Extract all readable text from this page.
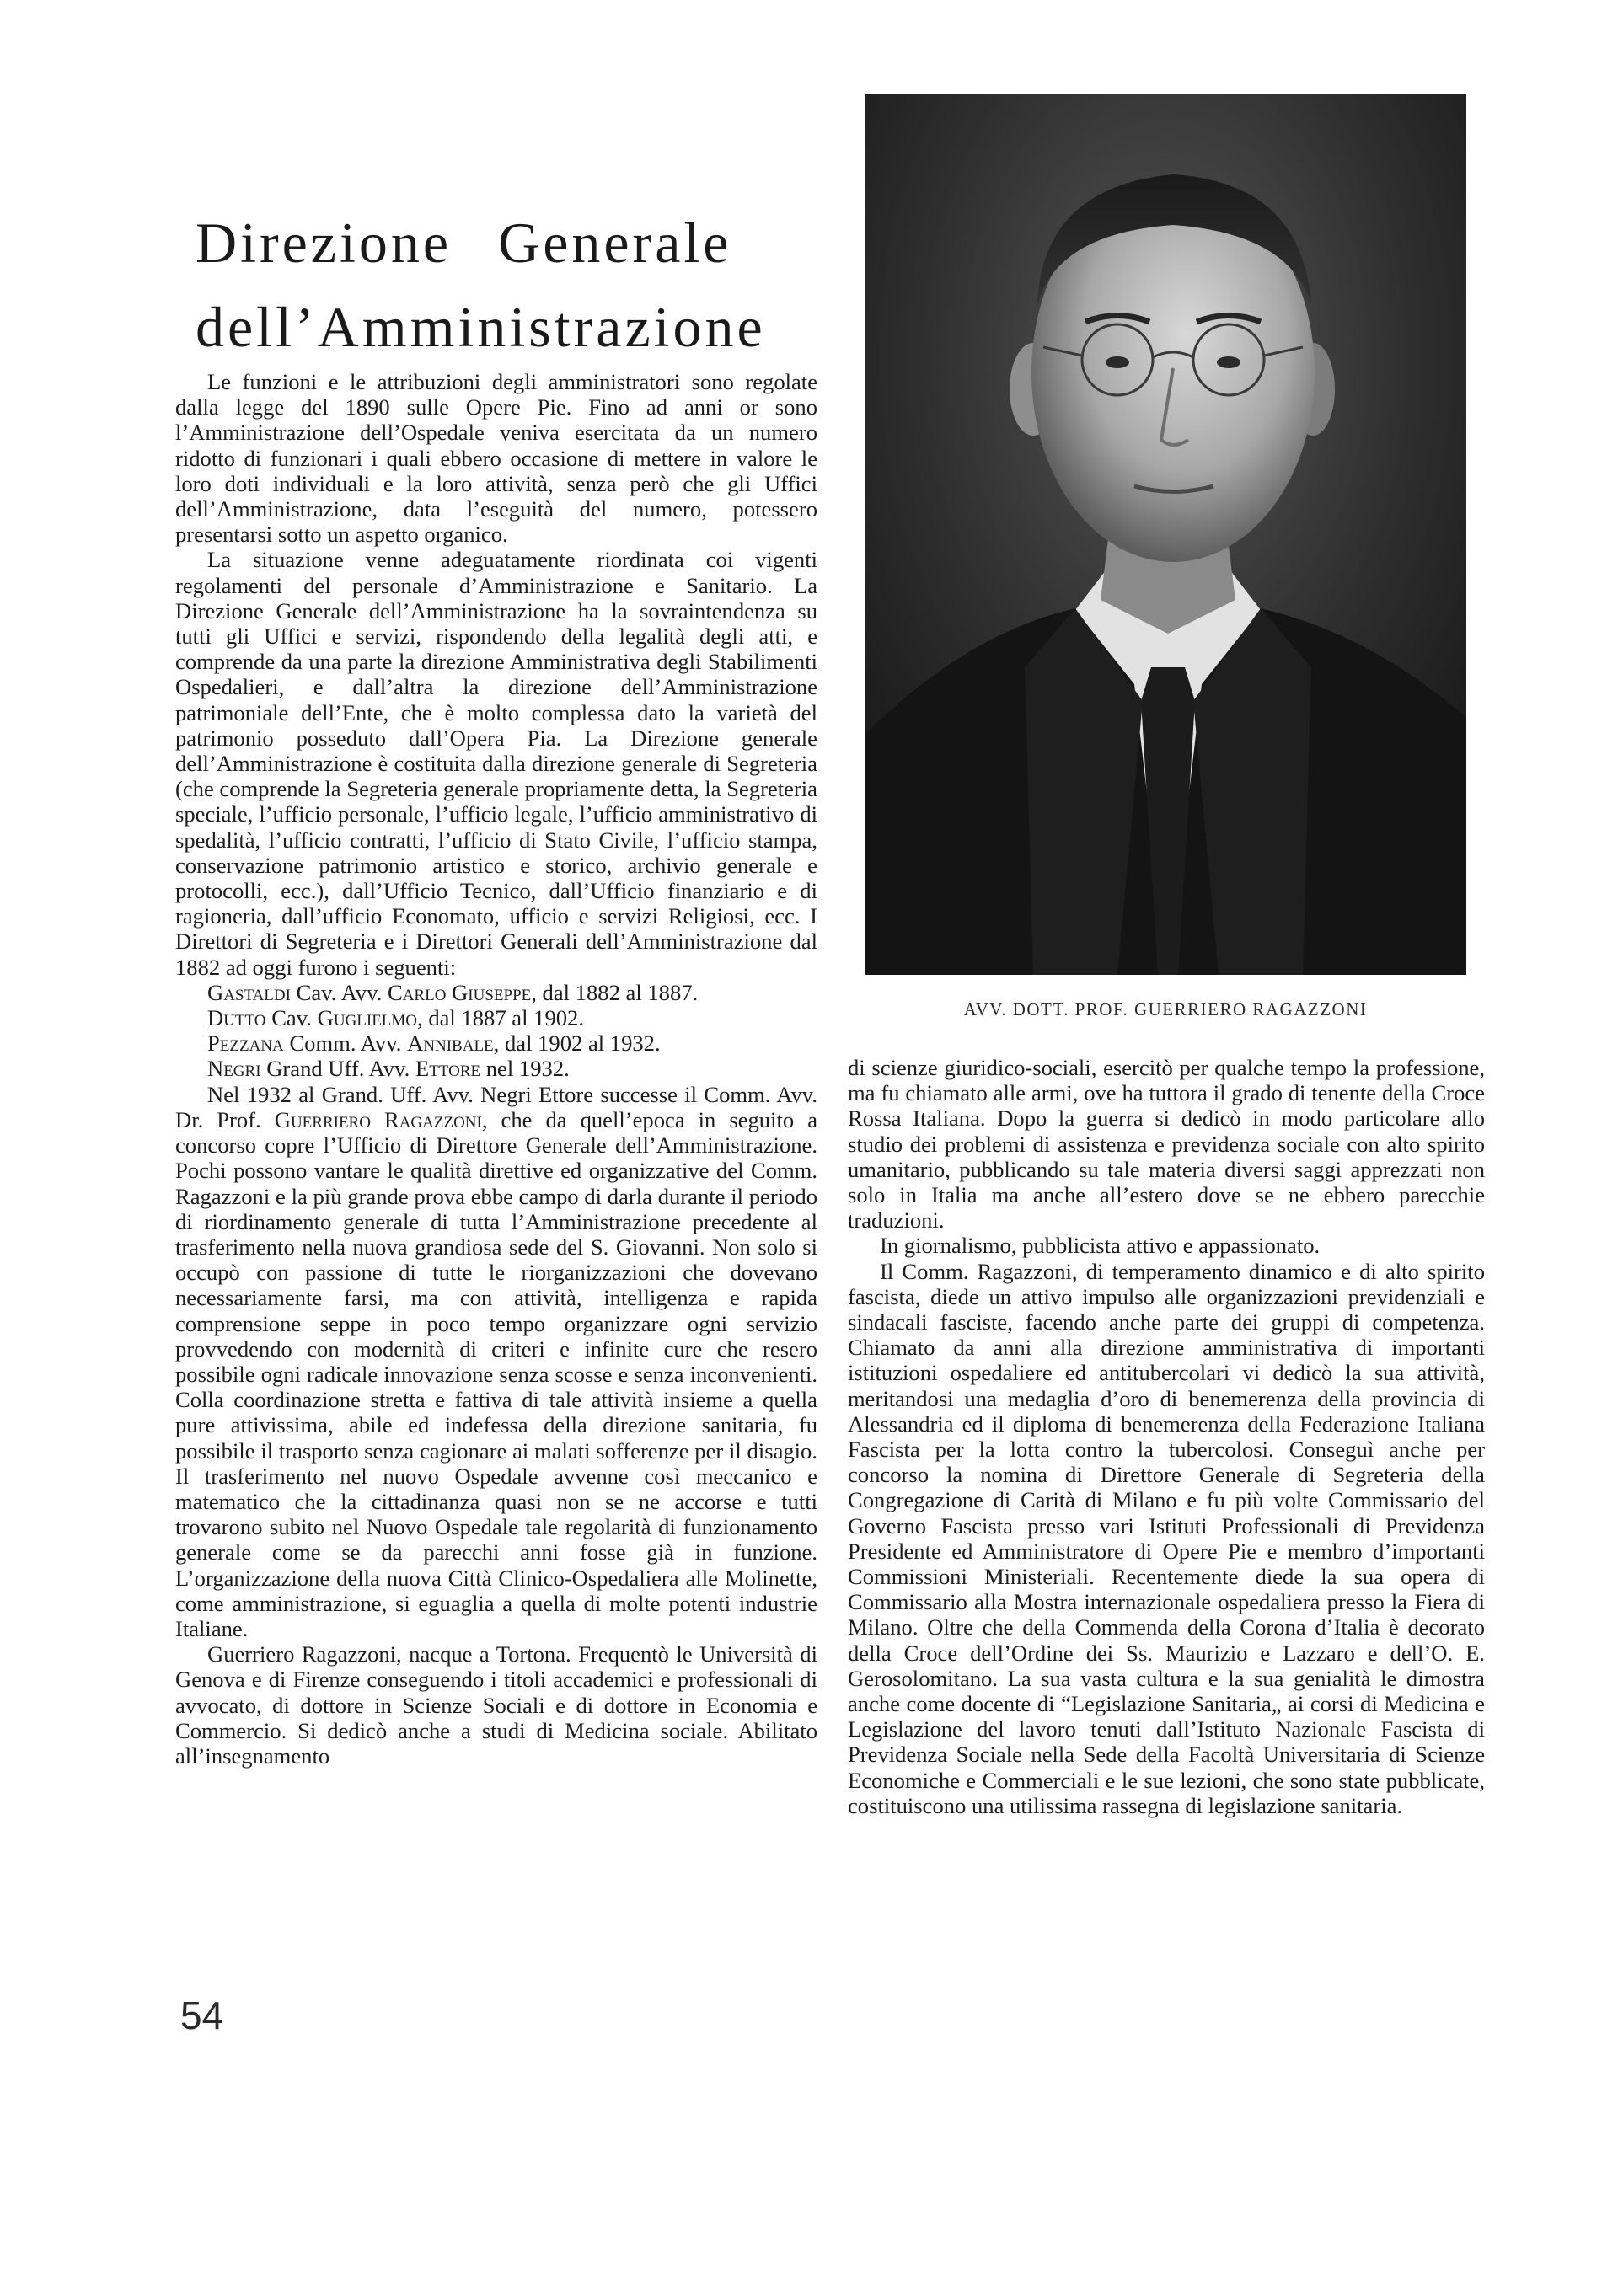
Direzione Generale
dell’Amministrazione

Le funzioni e le attribuzioni degli amministratori sono regolate dalla legge del 1890 sulle Opere Pie. Fino ad anni or sono l’Amministrazione dell’Ospedale veniva esercitata da un numero ridotto di funzionari i quali ebbero occasione di mettere in valore le loro doti individuali e la loro attività, senza però che gli Uffici dell’Amministrazione, data l’eseguità del numero, potessero presentarsi sotto un aspetto organico.

La situazione venne adeguatamente riordinata coi vigenti regolamenti del personale d’Amministrazione e Sanitario. La Direzione Generale dell’Amministrazione ha la sovraintendenza su tutti gli Uffici e servizi, rispondendo della legalità degli atti, e comprende da una parte la direzione Amministrativa degli Stabilimenti Ospedalieri, e dall’altra la direzione dell’Amministrazione patrimoniale dell’Ente, che è molto complessa dato la varietà del patrimonio posseduto dall’Opera Pia. La Direzione generale dell’Amministrazione è costituita dalla direzione generale di Segreteria (che comprende la Segreteria generale propriamente detta, la Segreteria speciale, l’ufficio personale, l’ufficio legale, l’ufficio amministrativo di spedalità, l’ufficio contratti, l’ufficio di Stato Civile, l’ufficio stampa, conservazione patrimonio artistico e storico, archivio generale e protocolli, ecc.), dall’Ufficio Tecnico, dall’Ufficio finanziario e di ragioneria, dall’ufficio Economato, ufficio e servizi Religiosi, ecc. I Direttori di Segreteria e i Direttori Generali dell’Amministrazione dal 1882 ad oggi furono i seguenti:

Gastaldi Cav. Avv. Carlo Giuseppe, dal 1882 al 1887.

Dutto Cav. Guglielmo, dal 1887 al 1902.

Pezzana Comm. Avv. Annibale, dal 1902 al 1932.

Negri Grand Uff. Avv. Ettore nel 1932.

Nel 1932 al Grand. Uff. Avv. Negri Ettore successe il Comm. Avv. Dr. Prof. Guerriero Ragazzoni, che da quell’epoca in seguito a concorso copre l’Ufficio di Direttore Generale dell’Amministrazione. Pochi possono vantare le qualità direttive ed organizzative del Comm. Ragazzoni e la più grande prova ebbe campo di darla durante il periodo di riordinamento generale di tutta l’Amministrazione precedente al trasferimento nella nuova grandiosa sede del S. Giovanni. Non solo si occupò con passione di tutte le riorganizzazioni che dovevano necessariamente farsi, ma con attività, intelligenza e rapida comprensione seppe in poco tempo organizzare ogni servizio provvedendo con modernità di criteri e infinite cure che resero possibile ogni radicale innovazione senza scosse e senza inconvenienti. Colla coordinazione stretta e fattiva di tale attività insieme a quella pure attivissima, abile ed indefessa della direzione sanitaria, fu possibile il trasporto senza cagionare ai malati sofferenze per il disagio. Il trasferimento nel nuovo Ospedale avvenne così meccanico e matematico che la cittadinanza quasi non se ne accorse e tutti trovarono subito nel Nuovo Ospedale tale regolarità di funzionamento generale come se da parecchi anni fosse già in funzione. L’organizzazione della nuova Città Clinico-Ospedaliera alle Molinette, come amministrazione, si eguaglia a quella di molte potenti industrie Italiane.

Guerriero Ragazzoni, nacque a Tortona. Frequentò le Università di Genova e di Firenze conseguendo i titoli accademici e professionali di avvocato, di dottore in Scienze Sociali e di dottore in Economia e Commercio. Si dedicò anche a studi di Medicina sociale. Abilitato all’insegnamento

AVV. DOTT. PROF. GUERRIERO RAGAZZONI

di scienze giuridico-sociali, esercitò per qualche tempo la professione, ma fu chiamato alle armi, ove ha tuttora il grado di tenente della Croce Rossa Italiana. Dopo la guerra si dedicò in modo particolare allo studio dei problemi di assistenza e previdenza sociale con alto spirito umanitario, pubblicando su tale materia diversi saggi apprezzati non solo in Italia ma anche all’estero dove se ne ebbero parecchie traduzioni.

In giornalismo, pubblicista attivo e appassionato.

Il Comm. Ragazzoni, di temperamento dinamico e di alto spirito fascista, diede un attivo impulso alle organizzazioni previdenziali e sindacali fasciste, facendo anche parte dei gruppi di competenza. Chiamato da anni alla direzione amministrativa di importanti istituzioni ospedaliere ed antitubercolari vi dedicò la sua attività, meritandosi una medaglia d’oro di benemerenza della provincia di Alessandria ed il diploma di benemerenza della Federazione Italiana Fascista per la lotta contro la tubercolosi. Conseguì anche per concorso la nomina di Direttore Generale di Segreteria della Congregazione di Carità di Milano e fu più volte Commissario del Governo Fascista presso vari Istituti Professionali di Previdenza Presidente ed Amministratore di Opere Pie e membro d’importanti Commissioni Ministeriali. Recentemente diede la sua opera di Commissario alla Mostra internazionale ospedaliera presso la Fiera di Milano. Oltre che della Commenda della Corona d’Italia è decorato della Croce dell’Ordine dei Ss. Maurizio e Lazzaro e dell’O. E. Gerosolomitano. La sua vasta cultura e la sua genialità le dimostra anche come docente di “Legislazione Sanitaria„ ai corsi di Medicina e Legislazione del lavoro tenuti dall’Istituto Nazionale Fascista di Previdenza Sociale nella Sede della Facoltà Universitaria di Scienze Economiche e Commerciali e le sue lezioni, che sono state pubblicate, costituiscono una utilissima rassegna di legislazione sanitaria.

54
